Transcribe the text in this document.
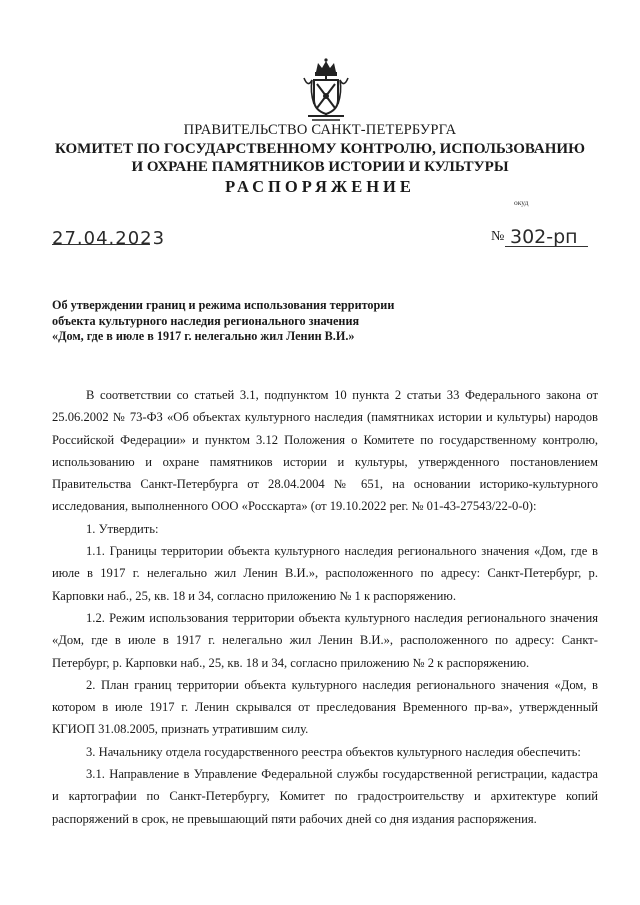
ПРАВИТЕЛЬСТВО САНКТ-ПЕТЕРБУРГА
КОМИТЕТ ПО ГОСУДАРСТВЕННОМУ КОНТРОЛЮ, ИСПОЛЬЗОВАНИЮ
И ОХРАНЕ ПАМЯТНИКОВ ИСТОРИИ И КУЛЬТУРЫ
РАСПОРЯЖЕНИЕ
окуд
27.04.2023	№ 302-рп
Об утверждении границ и режима использования территории
объекта культурного наследия регионального значения
«Дом, где в июле в 1917 г. нелегально жил Ленин В.И.»
В соответствии со статьей 3.1, подпунктом 10 пункта 2 статьи 33 Федерального закона от 25.06.2002 № 73-ФЗ «Об объектах культурного наследия (памятниках истории и культуры) народов Российской Федерации» и пунктом 3.12 Положения о Комитете по государственному контролю, использованию и охране памятников истории и культуры, утвержденного постановлением Правительства Санкт-Петербурга от 28.04.2004 № 651, на основании историко-культурного исследования, выполненного ООО «Росскарта» (от 19.10.2022 рег. № 01-43-27543/22-0-0):
1. Утвердить:
1.1. Границы территории объекта культурного наследия регионального значения «Дом, где в июле в 1917 г. нелегально жил Ленин В.И.», расположенного по адресу: Санкт-Петербург, р. Карповки наб., 25, кв. 18 и 34, согласно приложению № 1 к распоряжению.
1.2. Режим использования территории объекта культурного наследия регионального значения «Дом, где в июле в 1917 г. нелегально жил Ленин В.И.», расположенного по адресу: Санкт-Петербург, р. Карповки наб., 25, кв. 18 и 34, согласно приложению № 2 к распоряжению.
2. План границ территории объекта культурного наследия регионального значения «Дом, в котором в июле 1917 г. Ленин скрывался от преследования Временного пр-ва», утвержденный КГИОП 31.08.2005, признать утратившим силу.
3. Начальнику отдела государственного реестра объектов культурного наследия обеспечить:
3.1. Направление в Управление Федеральной службы государственной регистрации, кадастра и картографии по Санкт-Петербургу, Комитет по градостроительству и архитектуре копий распоряжений в срок, не превышающий пяти рабочих дней со дня издания распоряжения.
